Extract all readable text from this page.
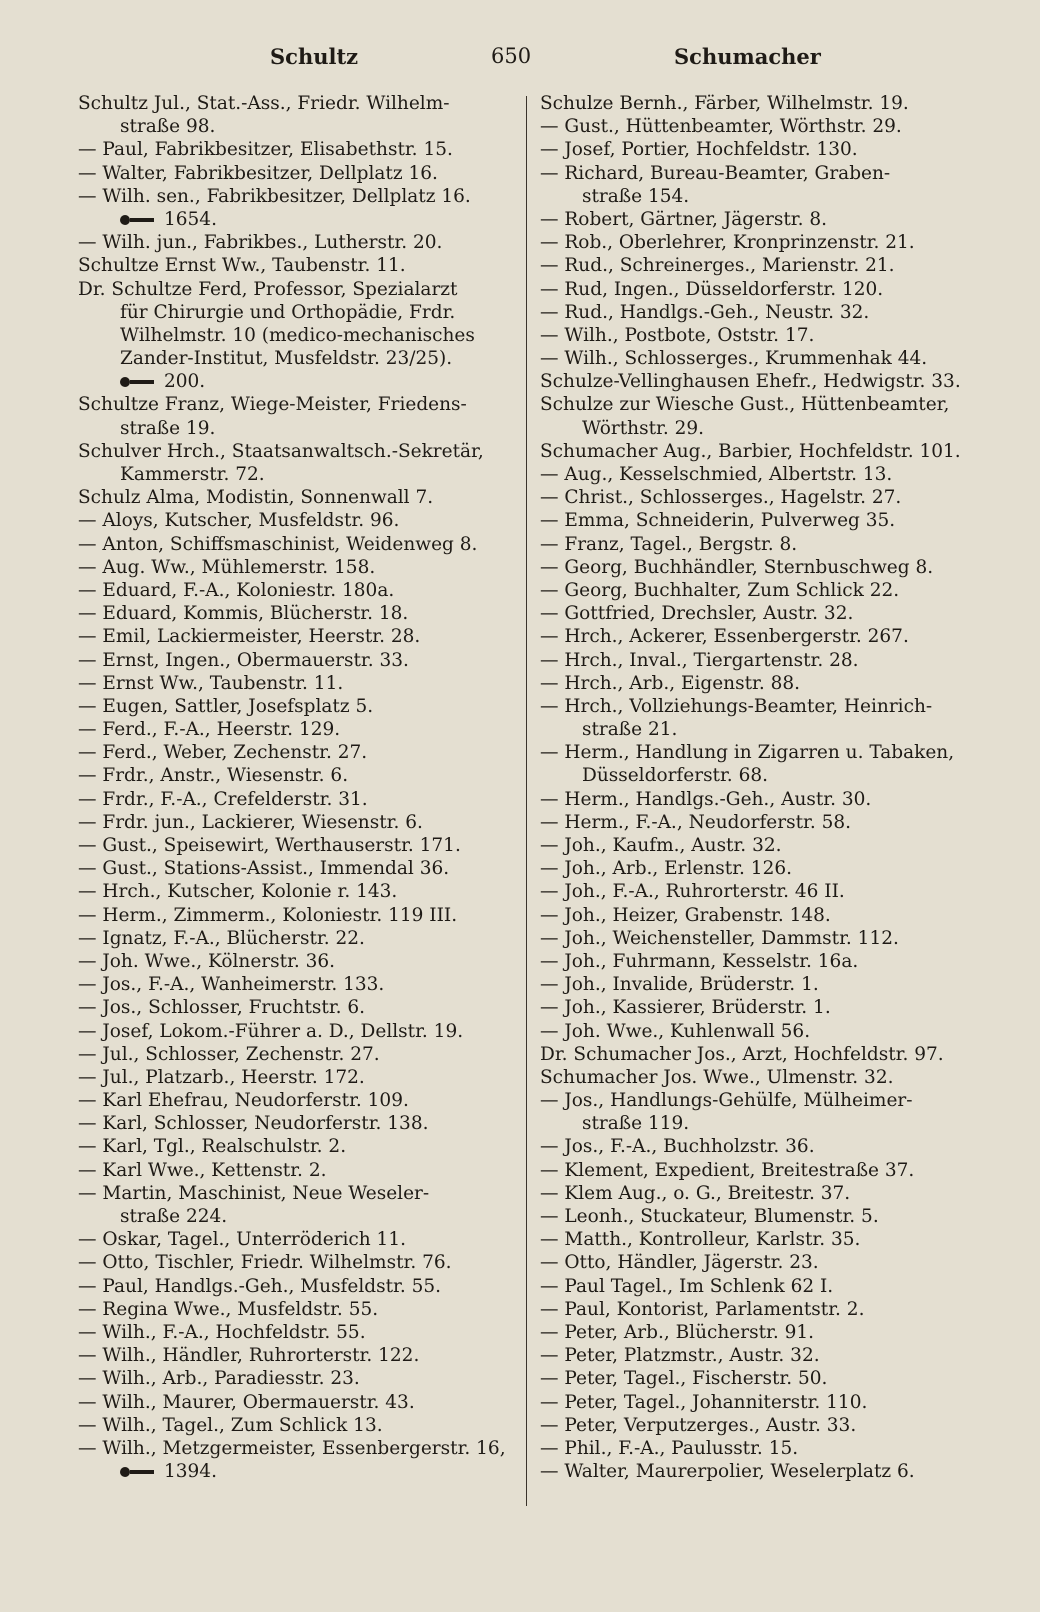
Schultz	650	Schumacher
Schultz Jul., Stat.-Ass., Friedr. Wilhelm-
straße 98.
— Paul, Fabrikbesitzer, Elisabethstr. 15.
— Walter, Fabrikbesitzer, Dellplatz 16.
— Wilh. sen., Fabrikbesitzer, Dellplatz 16.
1654.
— Wilh. jun., Fabrikbes., Lutherstr. 20.
Schultze Ernst Ww., Taubenstr. 11.
Dr. Schultze Ferd, Professor, Spezialarzt
für Chirurgie und Orthopädie, Frdr.
Wilhelmstr. 10 (medico-mechanisches
Zander-Institut, Musfeldstr. 23/25).
200.
Schultze Franz, Wiege-Meister, Friedens-
straße 19.
Schulver Hrch., Staatsanwaltsch.-Sekretär,
Kammerstr. 72.
Schulz Alma, Modistin, Sonnenwall 7.
— Aloys, Kutscher, Musfeldstr. 96.
— Anton, Schiffsmaschinist, Weidenweg 8.
— Aug. Ww., Mühlemerstr. 158.
— Eduard, F.-A., Koloniestr. 180a.
— Eduard, Kommis, Blücherstr. 18.
— Emil, Lackiermeister, Heerstr. 28.
— Ernst, Ingen., Obermauerstr. 33.
— Ernst Ww., Taubenstr. 11.
— Eugen, Sattler, Josefsplatz 5.
— Ferd., F.-A., Heerstr. 129.
— Ferd., Weber, Zechenstr. 27.
— Frdr., Anstr., Wiesenstr. 6.
— Frdr., F.-A., Crefelderstr. 31.
— Frdr. jun., Lackierer, Wiesenstr. 6.
— Gust., Speisewirt, Werthauserstr. 171.
— Gust., Stations-Assist., Immendal 36.
— Hrch., Kutscher, Kolonie r. 143.
— Herm., Zimmerm., Koloniestr. 119 III.
— Ignatz, F.-A., Blücherstr. 22.
— Joh. Wwe., Kölnerstr. 36.
— Jos., F.-A., Wanheimerstr. 133.
— Jos., Schlosser, Fruchtstr. 6.
— Josef, Lokom.-Führer a. D., Dellstr. 19.
— Jul., Schlosser, Zechenstr. 27.
— Jul., Platzarb., Heerstr. 172.
— Karl Ehefrau, Neudorferstr. 109.
— Karl, Schlosser, Neudorferstr. 138.
— Karl, Tgl., Realschulstr. 2.
— Karl Wwe., Kettenstr. 2.
— Martin, Maschinist, Neue Weseler-
straße 224.
— Oskar, Tagel., Unterröderich 11.
— Otto, Tischler, Friedr. Wilhelmstr. 76.
— Paul, Handlgs.-Geh., Musfeldstr. 55.
— Regina Wwe., Musfeldstr. 55.
— Wilh., F.-A., Hochfeldstr. 55.
— Wilh., Händler, Ruhrorterstr. 122.
— Wilh., Arb., Paradiesstr. 23.
— Wilh., Maurer, Obermauerstr. 43.
— Wilh., Tagel., Zum Schlick 13.
— Wilh., Metzgermeister, Essenbergerstr. 16,
1394.
Schulze Bernh., Färber, Wilhelmstr. 19.
— Gust., Hüttenbeamter, Wörthstr. 29.
— Josef, Portier, Hochfeldstr. 130.
— Richard, Bureau-Beamter, Graben-
straße 154.
— Robert, Gärtner, Jägerstr. 8.
— Rob., Oberlehrer, Kronprinzenstr. 21.
— Rud., Schreinerges., Marienstr. 21.
— Rud, Ingen., Düsseldorferstr. 120.
— Rud., Handlgs.-Geh., Neustr. 32.
— Wilh., Postbote, Oststr. 17.
— Wilh., Schlosserges., Krummenhak 44.
Schulze-Vellinghausen Ehefr., Hedwigstr. 33.
Schulze zur Wiesche Gust., Hüttenbeamter,
Wörthstr. 29.
Schumacher Aug., Barbier, Hochfeldstr. 101.
— Aug., Kesselschmied, Albertstr. 13.
— Christ., Schlosserges., Hagelstr. 27.
— Emma, Schneiderin, Pulverweg 35.
— Franz, Tagel., Bergstr. 8.
— Georg, Buchhändler, Sternbuschweg 8.
— Georg, Buchhalter, Zum Schlick 22.
— Gottfried, Drechsler, Austr. 32.
— Hrch., Ackerer, Essenbergerstr. 267.
— Hrch., Inval., Tiergartenstr. 28.
— Hrch., Arb., Eigenstr. 88.
— Hrch., Vollziehungs-Beamter, Heinrich-
straße 21.
— Herm., Handlung in Zigarren u. Tabaken,
Düsseldorferstr. 68.
— Herm., Handlgs.-Geh., Austr. 30.
— Herm., F.-A., Neudorferstr. 58.
— Joh., Kaufm., Austr. 32.
— Joh., Arb., Erlenstr. 126.
— Joh., F.-A., Ruhrorterstr. 46 II.
— Joh., Heizer, Grabenstr. 148.
— Joh., Weichensteller, Dammstr. 112.
— Joh., Fuhrmann, Kesselstr. 16a.
— Joh., Invalide, Brüderstr. 1.
— Joh., Kassierer, Brüderstr. 1.
— Joh. Wwe., Kuhlenwall 56.
Dr. Schumacher Jos., Arzt, Hochfeldstr. 97.
Schumacher Jos. Wwe., Ulmenstr. 32.
— Jos., Handlungs-Gehülfe, Mülheimer-
straße 119.
— Jos., F.-A., Buchholzstr. 36.
— Klement, Expedient, Breitestraße 37.
— Klem Aug., o. G., Breitestr. 37.
— Leonh., Stuckateur, Blumenstr. 5.
— Matth., Kontrolleur, Karlstr. 35.
— Otto, Händler, Jägerstr. 23.
— Paul Tagel., Im Schlenk 62 I.
— Paul, Kontorist, Parlamentstr. 2.
— Peter, Arb., Blücherstr. 91.
— Peter, Platzmstr., Austr. 32.
— Peter, Tagel., Fischerstr. 50.
— Peter, Tagel., Johanniterstr. 110.
— Peter, Verputzerges., Austr. 33.
— Phil., F.-A., Paulusstr. 15.
— Walter, Maurerpolier, Weselerplatz 6.
